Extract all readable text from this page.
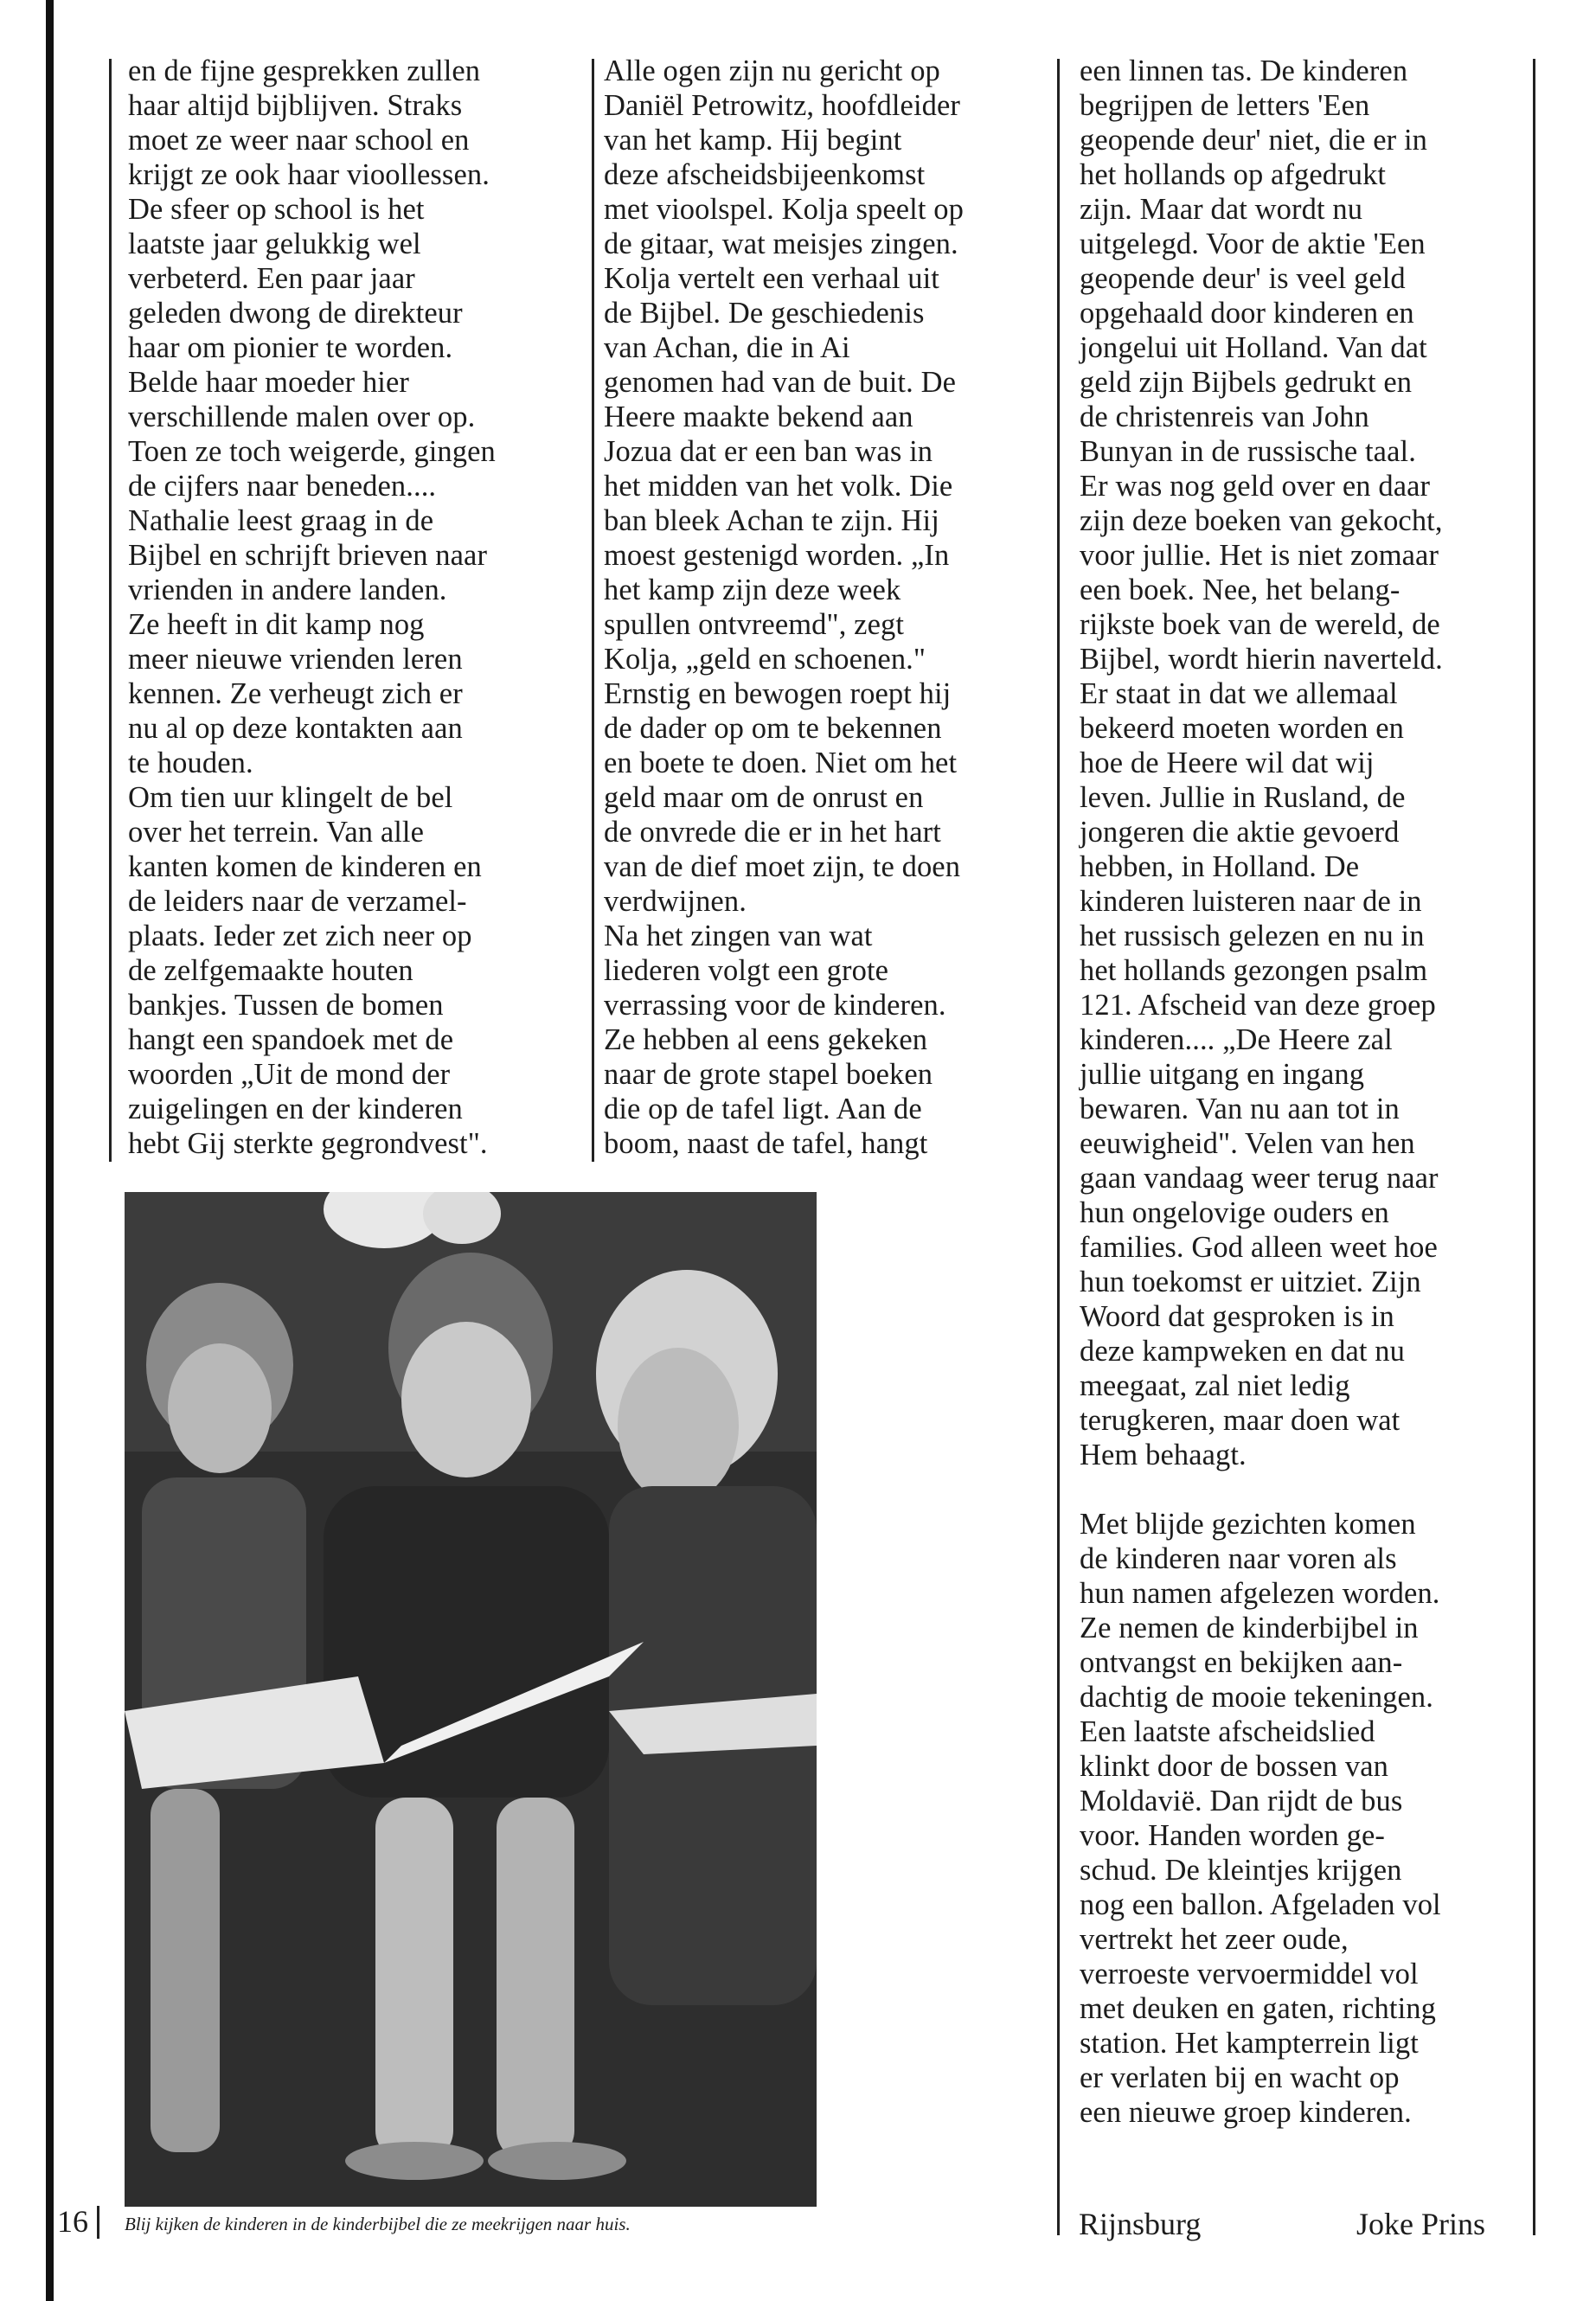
en de fijne gesprekken zullen
haar altijd bijblijven. Straks
moet ze weer naar school en
krijgt ze ook haar vioollessen.
De sfeer op school is het
laatste jaar gelukkig wel
verbeterd. Een paar jaar
geleden dwong de direkteur
haar om pionier te worden.
Belde haar moeder hier
verschillende malen over op.
Toen ze toch weigerde, gingen
de cijfers naar beneden....
Nathalie leest graag in de
Bijbel en schrijft brieven naar
vrienden in andere landen.
Ze heeft in dit kamp nog
meer nieuwe vrienden leren
kennen. Ze verheugt zich er
nu al op deze kontakten aan
te houden.
Om tien uur klingelt de bel
over het terrein. Van alle
kanten komen de kinderen en
de leiders naar de verzamel-
plaats. Ieder zet zich neer op
de zelfgemaakte houten
bankjes. Tussen de bomen
hangt een spandoek met de
woorden „Uit de mond der
zuigelingen en der kinderen
hebt Gij sterkte gegrondvest".
Alle ogen zijn nu gericht op
Daniël Petrowitz, hoofdleider
van het kamp. Hij begint
deze afscheidsbijeenkomst
met vioolspel. Kolja speelt op
de gitaar, wat meisjes zingen.
Kolja vertelt een verhaal uit
de Bijbel. De geschiedenis
van Achan, die in Ai
genomen had van de buit. De
Heere maakte bekend aan
Jozua dat er een ban was in
het midden van het volk. Die
ban bleek Achan te zijn. Hij
moest gestenigd worden. „In
het kamp zijn deze week
spullen ontvreemd", zegt
Kolja, „geld en schoenen."
Ernstig en bewogen roept hij
de dader op om te bekennen
en boete te doen. Niet om het
geld maar om de onrust en
de onvrede die er in het hart
van de dief moet zijn, te doen
verdwijnen.
Na het zingen van wat
liederen volgt een grote
verrassing voor de kinderen.
Ze hebben al eens gekeken
naar de grote stapel boeken
die op de tafel ligt. Aan de
boom, naast de tafel, hangt
een linnen tas. De kinderen
begrijpen de letters 'Een
geopende deur' niet, die er in
het hollands op afgedrukt
zijn. Maar dat wordt nu
uitgelegd. Voor de aktie 'Een
geopende deur' is veel geld
opgehaald door kinderen en
jongelui uit Holland. Van dat
geld zijn Bijbels gedrukt en
de christenreis van John
Bunyan in de russische taal.
Er was nog geld over en daar
zijn deze boeken van gekocht,
voor jullie. Het is niet zomaar
een boek. Nee, het belang-
rijkste boek van de wereld, de
Bijbel, wordt hierin naverteld.
Er staat in dat we allemaal
bekeerd moeten worden en
hoe de Heere wil dat wij
leven. Jullie in Rusland, de
jongeren die aktie gevoerd
hebben, in Holland. De
kinderen luisteren naar de in
het russisch gelezen en nu in
het hollands gezongen psalm
121. Afscheid van deze groep
kinderen.... „De Heere zal
jullie uitgang en ingang
bewaren. Van nu aan tot in
eeuwigheid". Velen van hen
gaan vandaag weer terug naar
hun ongelovige ouders en
families. God alleen weet hoe
hun toekomst er uitziet. Zijn
Woord dat gesproken is in
deze kampweken en dat nu
meegaat, zal niet ledig
terugkeren, maar doen wat
Hem behaagt.
Met blijde gezichten komen
de kinderen naar voren als
hun namen afgelezen worden.
Ze nemen de kinderbijbel in
ontvangst en bekijken aan-
dachtig de mooie tekeningen.
Een laatste afscheidslied
klinkt door de bossen van
Moldavië. Dan rijdt de bus
voor. Handen worden ge-
schud. De kleintjes krijgen
nog een ballon. Afgeladen vol
vertrekt het zeer oude,
verroeste vervoermiddel vol
met deuken en gaten, richting
station. Het kampterrein ligt
er verlaten bij en wacht op
een nieuwe groep kinderen.
Blij kijken de kinderen in de kinderbijbel die ze meekrijgen naar huis.
16	Rijnsburg	Joke Prins
